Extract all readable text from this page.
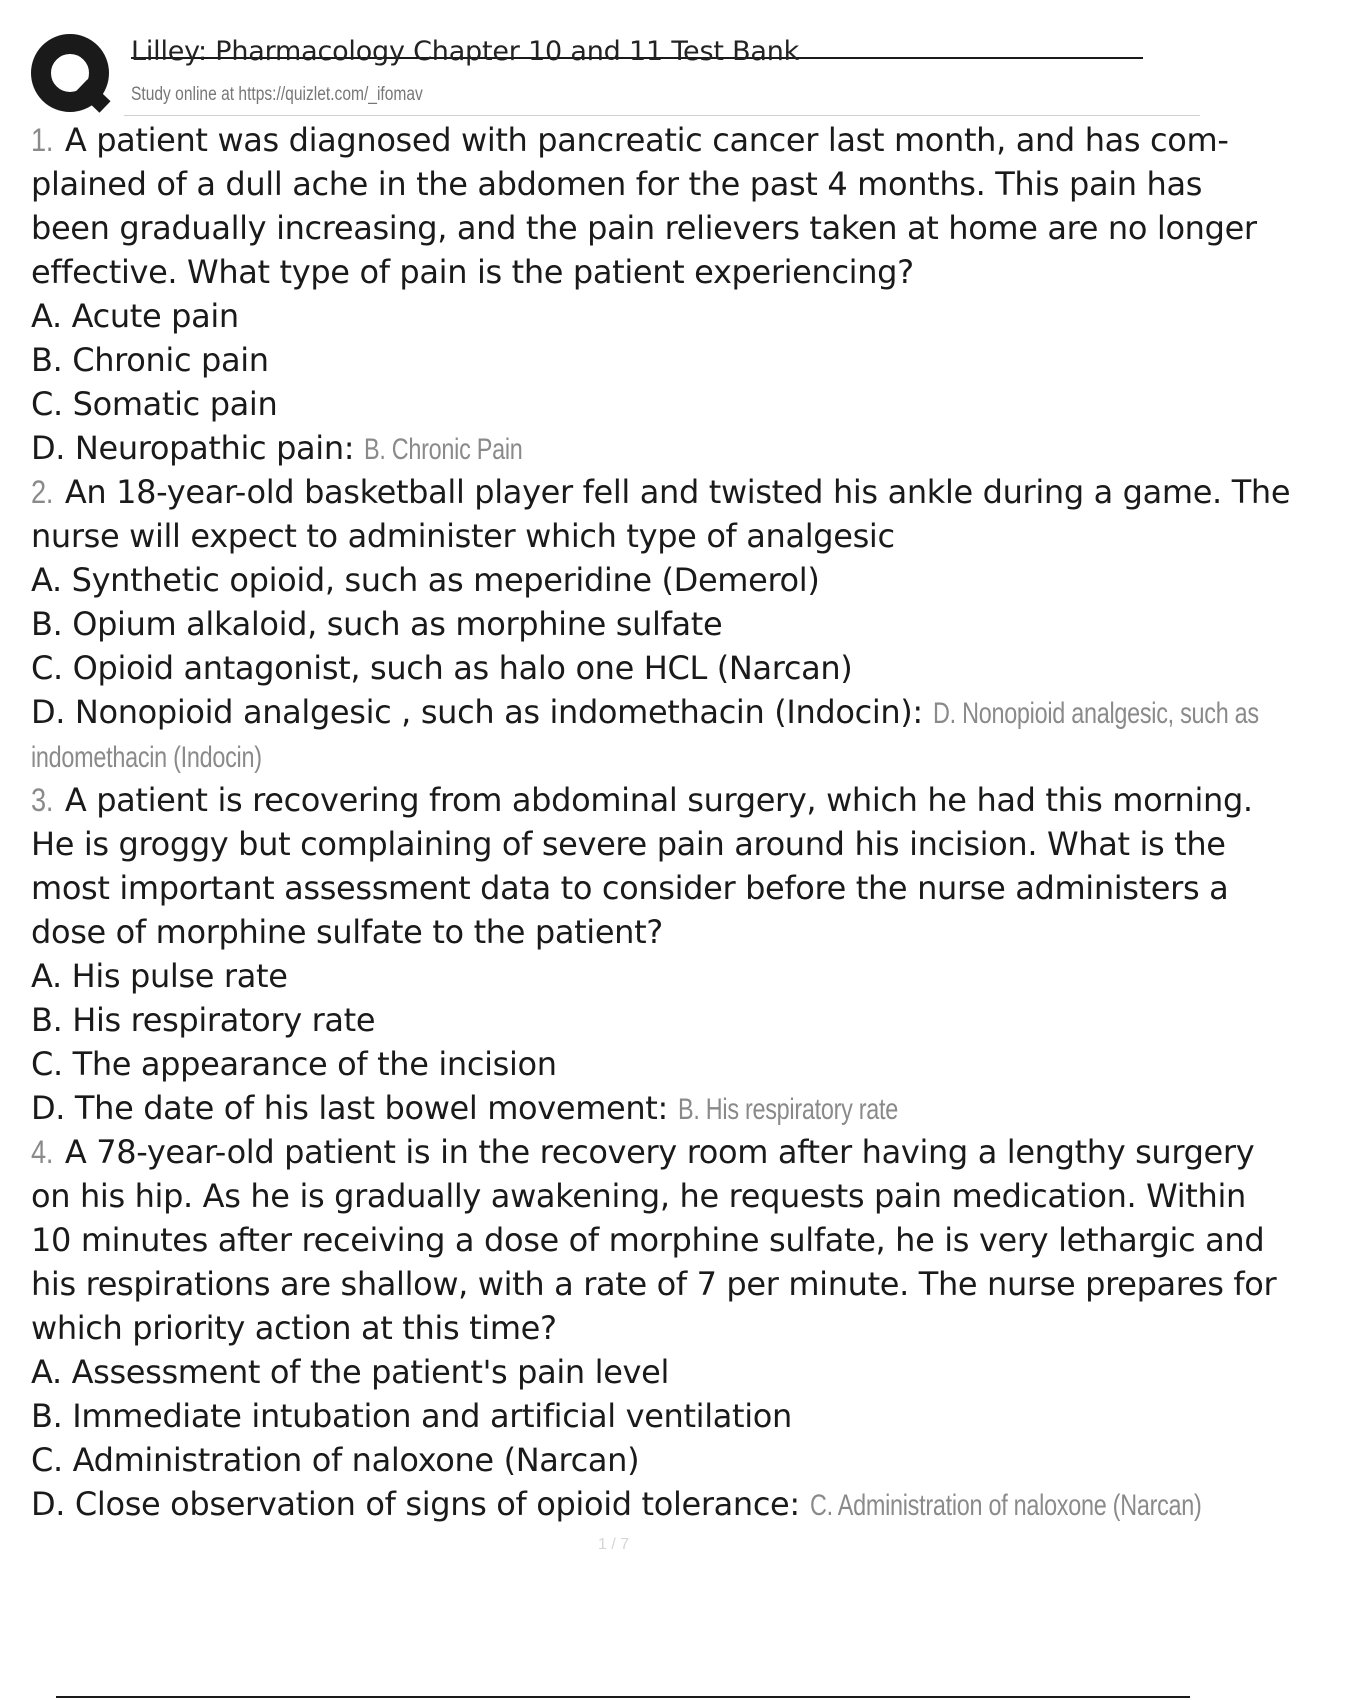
Lilley: Pharmacology Chapter 10 and 11 Test Bank
Study online at https://quizlet.com/_ifomav
1. A patient was diagnosed with pancreatic cancer last month, and has com-
plained of a dull ache in the abdomen for the past 4 months. This pain has
been gradually increasing, and the pain relievers taken at home are no longer
effective. What type of pain is the patient experiencing?
A. Acute pain
B. Chronic pain
C. Somatic pain
D. Neuropathic pain: B. Chronic Pain
2. An 18-year-old basketball player fell and twisted his ankle during a game. The
nurse will expect to administer which type of analgesic
A. Synthetic opioid, such as meperidine (Demerol)
B. Opium alkaloid, such as morphine sulfate
C. Opioid antagonist, such as halo one HCL (Narcan)
D. Nonopioid analgesic , such as indomethacin (Indocin): D. Nonopioid analgesic, such as
indomethacin (Indocin)
3. A patient is recovering from abdominal surgery, which he had this morning.
He is groggy but complaining of severe pain around his incision. What is the
most important assessment data to consider before the nurse administers a
dose of morphine sulfate to the patient?
A. His pulse rate
B. His respiratory rate
C. The appearance of the incision
D. The date of his last bowel movement: B. His respiratory rate
4. A 78-year-old patient is in the recovery room after having a lengthy surgery
on his hip. As he is gradually awakening, he requests pain medication. Within
10 minutes after receiving a dose of morphine sulfate, he is very lethargic and
his respirations are shallow, with a rate of 7 per minute. The nurse prepares for
which priority action at this time?
A. Assessment of the patient's pain level
B. Immediate intubation and artificial ventilation
C. Administration of naloxone (Narcan)
D. Close observation of signs of opioid tolerance: C. Administration of naloxone (Narcan)
1 / 7
